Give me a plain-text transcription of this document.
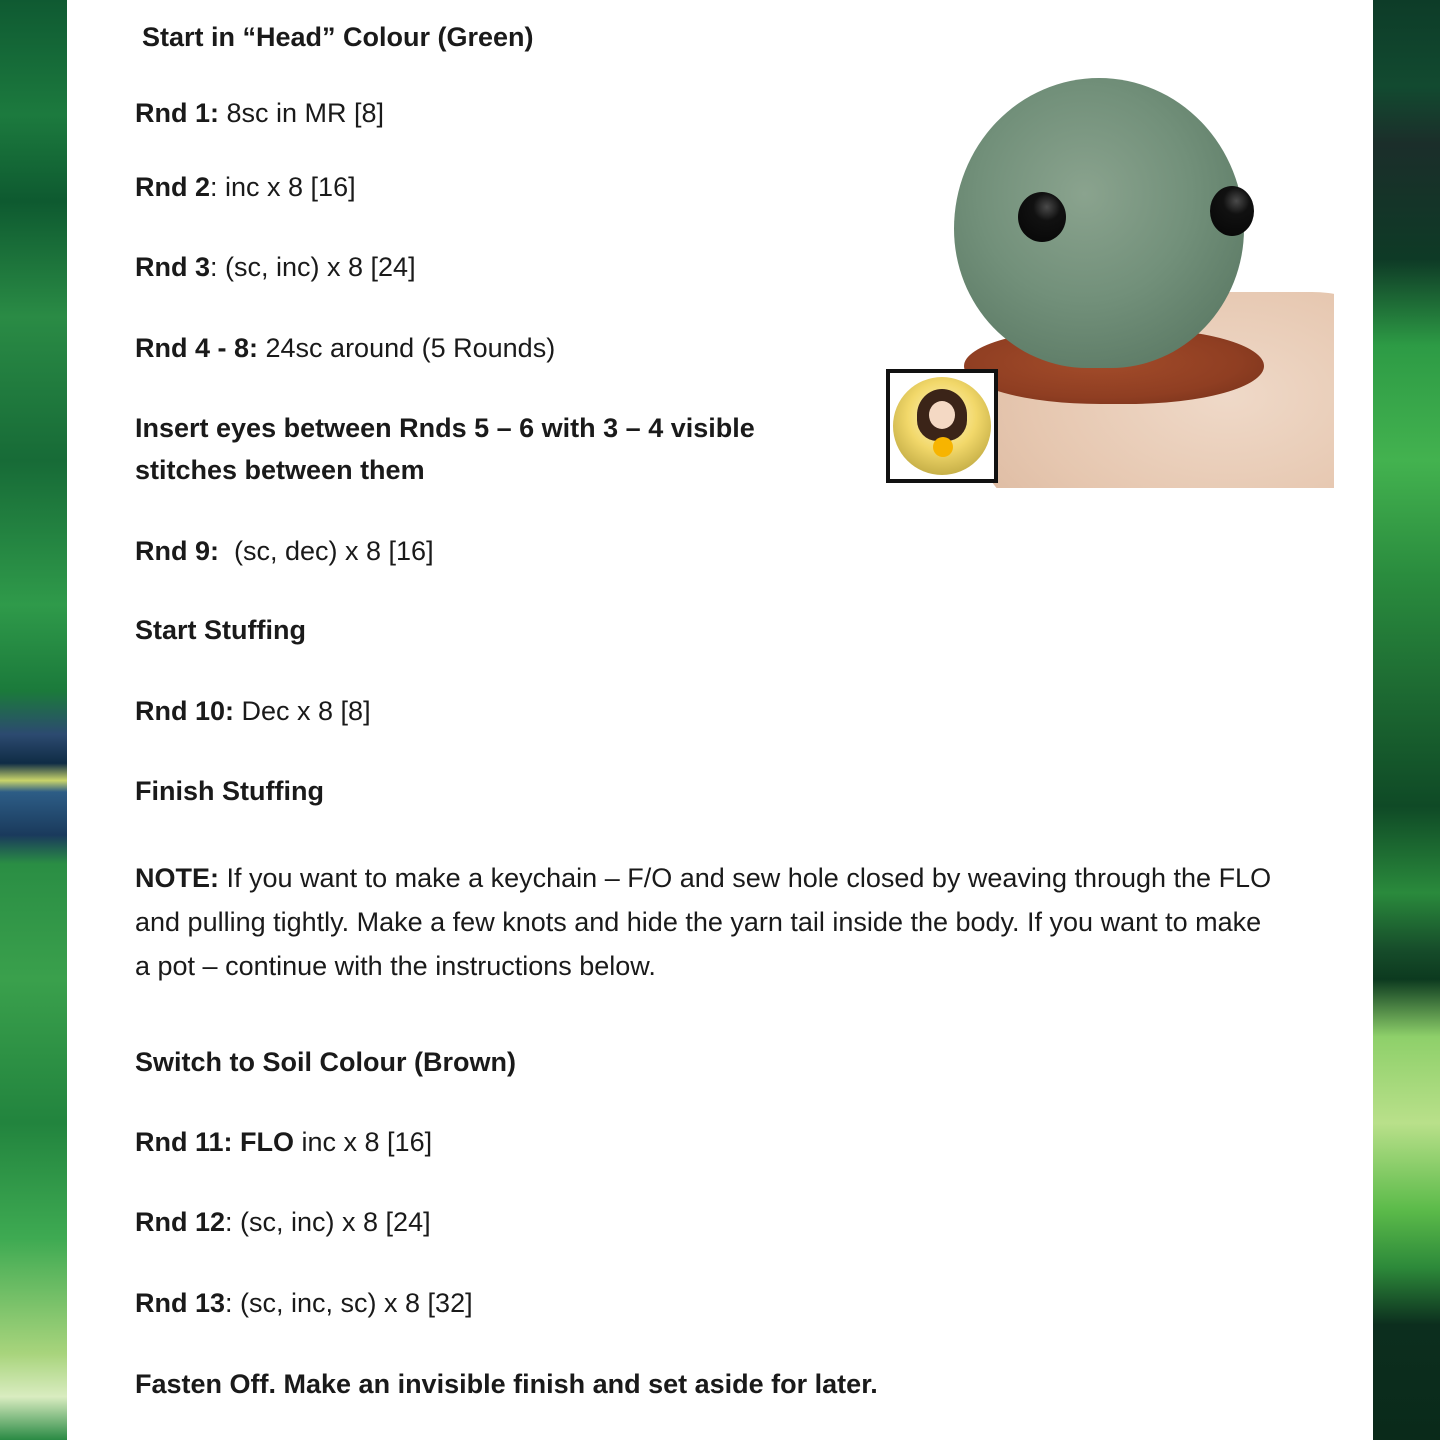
Start in “Head” Colour (Green)
Rnd 1: 8sc in MR [8]
Rnd 2: inc x 8 [16]
Rnd 3: (sc, inc) x 8 [24]
Rnd 4 - 8: 24sc around (5 Rounds)
Insert eyes between Rnds 5 – 6 with 3 – 4 visible
stitches between them
Rnd 9:  (sc, dec) x 8 [16]
Start Stuffing
Rnd 10: Dec x 8 [8]
Finish Stuffing
NOTE: If you want to make a keychain – F/O and sew hole closed by weaving through the FLO and pulling tightly. Make a few knots and hide the yarn tail inside the body. If you want to make a pot – continue with the instructions below.
Switch to Soil Colour (Brown)
Rnd 11: FLO inc x 8 [16]
Rnd 12: (sc, inc) x 8 [24]
Rnd 13: (sc, inc, sc) x 8 [32]
Fasten Off. Make an invisible finish and set aside for later.
